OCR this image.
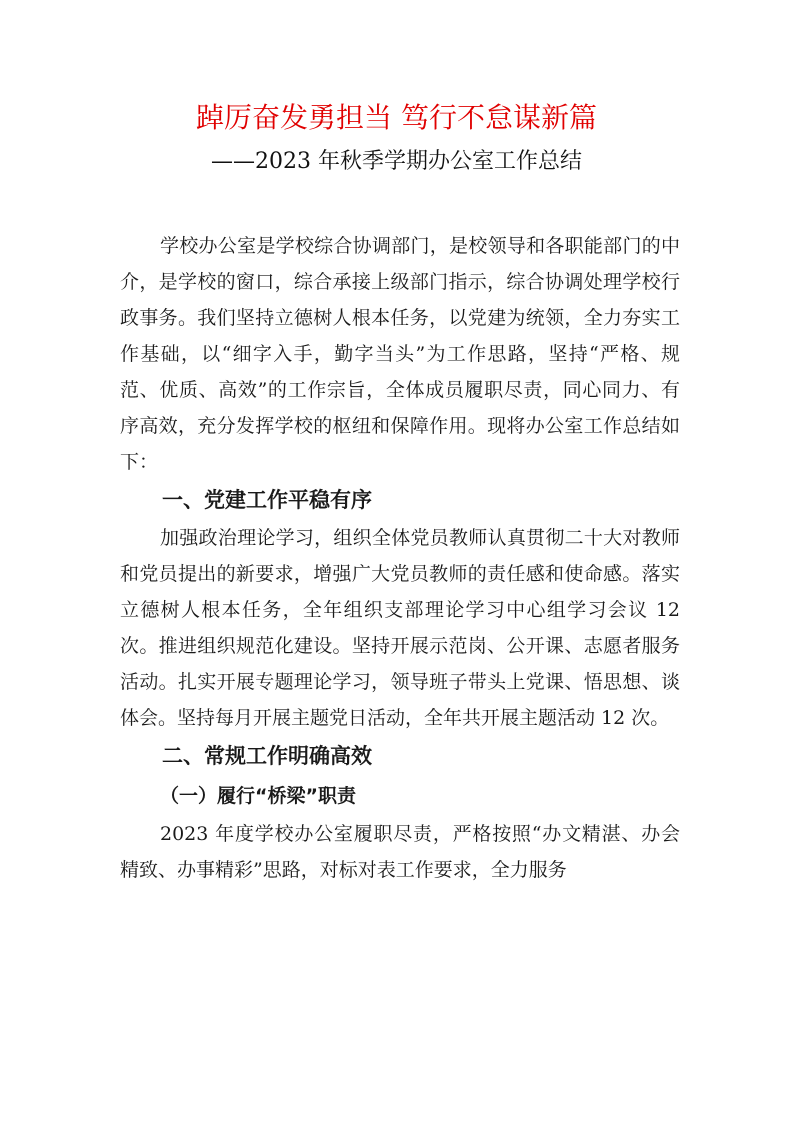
踔厉奋发勇担当 笃行不怠谋新篇
——2023 年秋季学期办公室工作总结

学校办公室是学校综合协调部门，是校领导和各职能部门的中介，是学校的窗口，综合承接上级部门指示，综合协调处理学校行政事务。我们坚持立德树人根本任务，以党建为统领，全力夯实工作基础，以“细字入手，勤字当头”为工作思路，坚持“严格、规范、优质、高效”的工作宗旨，全体成员履职尽责，同心同力、有序高效，充分发挥学校的枢纽和保障作用。现将办公室工作总结如下：

一、党建工作平稳有序

加强政治理论学习，组织全体党员教师认真贯彻二十大对教师和党员提出的新要求，增强广大党员教师的责任感和使命感。落实立德树人根本任务，全年组织支部理论学习中心组学习会议 12 次。推进组织规范化建设。坚持开展示范岗、公开课、志愿者服务活动。扎实开展专题理论学习，领导班子带头上党课、悟思想、谈体会。坚持每月开展主题党日活动，全年共开展主题活动 12 次。

二、常规工作明确高效
（一）履行“桥梁”职责

2023 年度学校办公室履职尽责，严格按照“办文精湛、办会精致、办事精彩”思路，对标对表工作要求，全力服务
